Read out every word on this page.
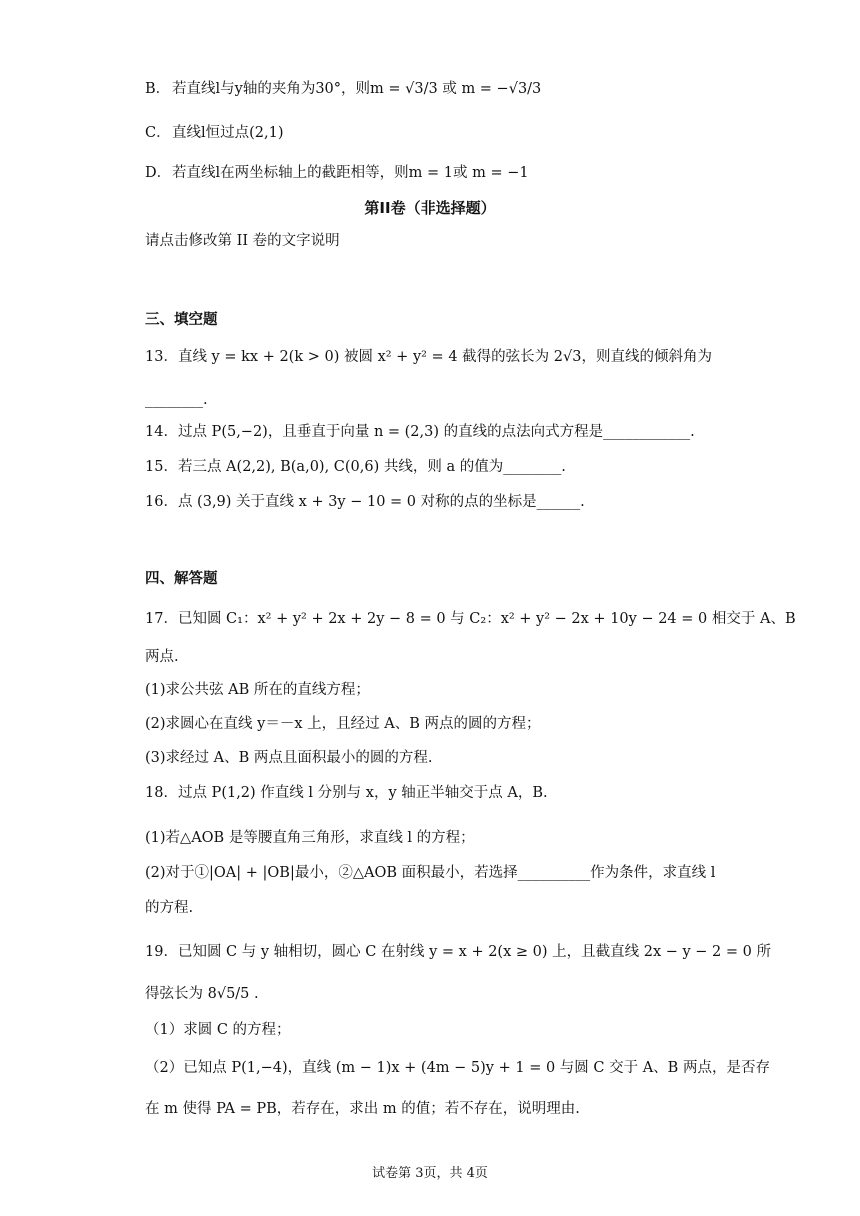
B． 若直线l与y轴的夹角为30°，则m = √3/3 或 m = −√3/3
C． 直线l恒过点(2,1)
D． 若直线l在两坐标轴上的截距相等，则m = 1或 m = −1
第II卷（非选择题）
请点击修改第 II 卷的文字说明
三、填空题
13．直线 y = kx + 2(k > 0) 被圆 x² + y² = 4 截得的弦长为 2√3，则直线的倾斜角为
________.
14．过点 P(5,−2)，且垂直于向量 n = (2,3) 的直线的点法向式方程是____________.
15．若三点 A(2,2), B(a,0), C(0,6) 共线，则 a 的值为________.
16．点 (3,9) 关于直线 x + 3y − 10 = 0 对称的点的坐标是______.
四、解答题
17．已知圆 C₁：x² + y² + 2x + 2y − 8 = 0 与 C₂：x² + y² − 2x + 10y − 24 = 0 相交于 A、B
两点.
(1)求公共弦 AB 所在的直线方程；
(2)求圆心在直线 y＝－x 上，且经过 A、B 两点的圆的方程；
(3)求经过 A、B 两点且面积最小的圆的方程.
18．过点 P(1,2) 作直线 l 分别与 x，y 轴正半轴交于点 A，B.
(1)若△AOB 是等腰直角三角形，求直线 l 的方程；
(2)对于①|OA| + |OB|最小，②△AOB 面积最小，若选择__________作为条件，求直线 l
的方程.
19．已知圆 C 与 y 轴相切，圆心 C 在射线 y = x + 2(x ≥ 0) 上，且截直线 2x − y − 2 = 0 所
得弦长为 8√5/5 .
（1）求圆 C 的方程；
（2）已知点 P(1,−4)，直线 (m − 1)x + (4m − 5)y + 1 = 0 与圆 C 交于 A、B 两点，是否存
在 m 使得 PA = PB，若存在，求出 m 的值；若不存在，说明理由.
试卷第 3页，共 4页
